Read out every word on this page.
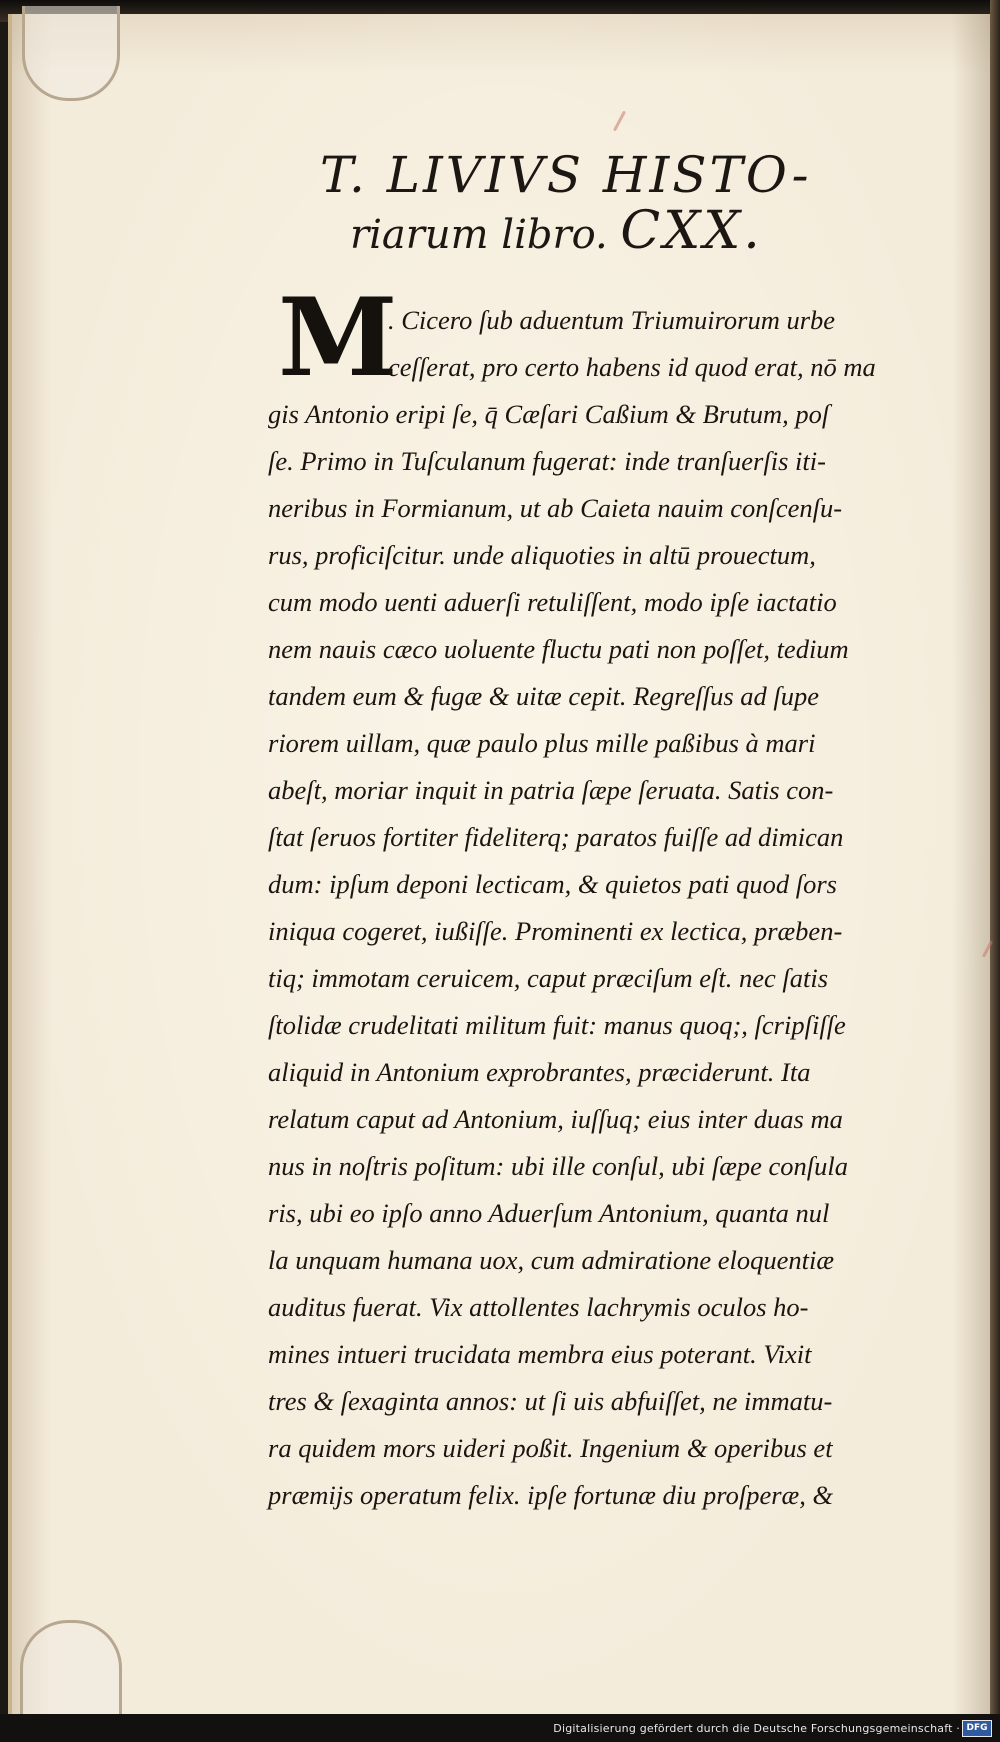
T. LIVIVS HISTO-
riarum libro. CXX.
M
. Cicero ſub aduentum Triumuirorum urbe
ceſſerat, pro certo habens id quod erat, nō ma
gis Antonio eripi ſe, q̄ Cæſari Caßium & Brutum, poſ
ſe. Primo in Tuſculanum fugerat: inde tranſuerſis iti-
neribus in Formianum, ut ab Caieta nauim conſcenſu-
rus, proficiſcitur. unde aliquoties in altū prouectum,
cum modo uenti aduerſi retuliſſent, modo ipſe iactatio
nem nauis cæco uoluente fluctu pati non poſſet, tedium
tandem eum & fugæ & uitæ cepit. Regreſſus ad ſupe
riorem uillam, quæ paulo plus mille paßibus à mari
abeſt, moriar inquit in patria ſæpe ſeruata. Satis con-
ſtat ſeruos fortiter fideliterq; paratos fuiſſe ad dimican
dum: ipſum deponi lecticam, & quietos pati quod ſors
iniqua cogeret, iußiſſe. Prominenti ex lectica, præben-
tiq; immotam ceruicem, caput præciſum eſt. nec ſatis
ſtolidæ crudelitati militum fuit: manus quoq;, ſcripſiſſe
aliquid in Antonium exprobrantes, præciderunt. Ita
relatum caput ad Antonium, iuſſuq; eius inter duas ma
nus in noſtris poſitum: ubi ille conſul, ubi ſæpe conſula
ris, ubi eo ipſo anno Aduerſum Antonium, quanta nul
la unquam humana uox, cum admiratione eloquentiæ
auditus fuerat. Vix attollentes lachrymis oculos ho-
mines intueri trucidata membra eius poterant. Vixit
tres & ſexaginta annos: ut ſi uis abfuiſſet, ne immatu-
ra quidem mors uideri poßit. Ingenium & operibus et
præmijs operatum felix. ipſe fortunæ diu proſperæ, &
Digitalisierung gefördert durch die Deutsche Forschungsgemeinschaft · DFG
